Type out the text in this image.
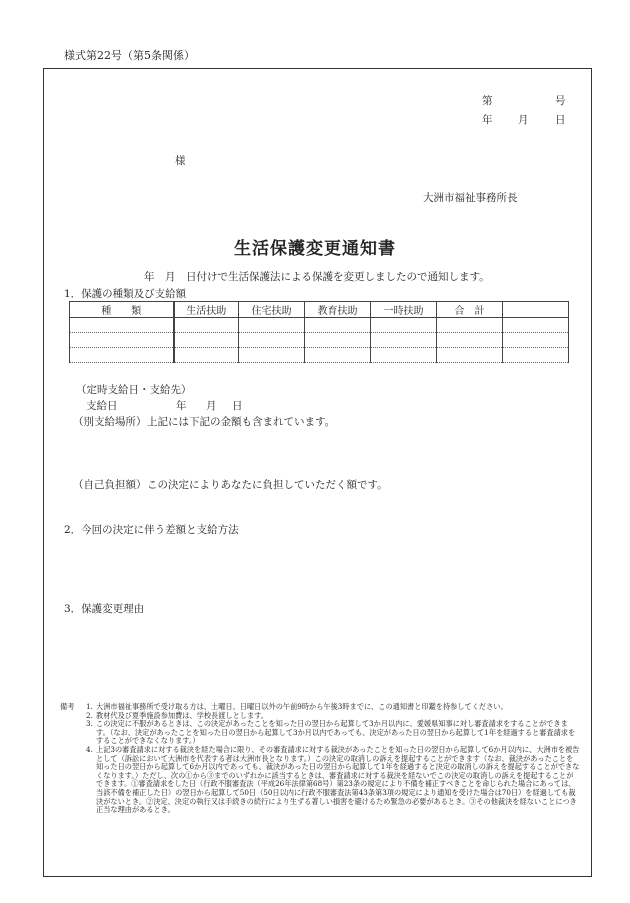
様式第22号（第5条関係）
第	号
年 月	日
様
大洲市福祉事務所長
生活保護変更通知書
年　月　日付けで生活保護法による保護を変更しましたので通知します。
1．保護の種類及び支給額
種　　類	生活扶助	住宅扶助	教育扶助	一時扶助	合　計	

（定時支給日・支給先）
支給日	年 月 日
（別支給場所） 上記には下記の金額も含まれています。
（自己負担額） この決定によりあなたに負担していただく額です。
2．今回の決定に伴う差額と支給方法
3．保護変更理由
備考 1. 大洲市福祉事務所で受け取る方は、土曜日、日曜日以外の午前9時から午後3時までに、この通知書と印鑑を持参してください。
2. 教材代及び夏季施設参加費は、学校長渡しとします。
3. この決定に不服があるときは、この決定があったことを知った日の翌日から起算して3か月以内に、愛媛県知事に対し審査請求をすることができます。（なお、決定があったことを知った日の翌日から起算して3か月以内であっても、決定があった日の翌日から起算して1年を経過すると審査請求をすることができなくなります。）
4. 上記3の審査請求に対する裁決を経た場合に限り、その審査請求に対する裁決があったことを知った日の翌日から起算して6か月以内に、大洲市を被告として（訴訟において大洲市を代表する者は大洲市長となります。）この決定の取消しの訴えを提起することができます（なお、裁決があったことを知った日の翌日から起算して6か月以内であっても、裁決があった日の翌日から起算して1年を経過すると決定の取消しの訴えを提起することができなくなります。）ただし、次の①から③までのいずれかに該当するときは、審査請求に対する裁決を経ないでこの決定の取消しの訴えを提起することができます。①審査請求をした日（行政不服審査法（平成26年法律第68号）第23条の規定により不備を補正すべきことを命じられた場合にあっては、当該不備を補正した日）の翌日から起算して50日（50日以内に行政不服審査法第43条第3項の規定により通知を受けた場合は70日）を経過しても裁決がないとき。②決定、決定の執行又は手続きの続行により生ずる著しい損害を避けるため緊急の必要があるとき。③その他裁決を経ないことにつき正当な理由があるとき。
